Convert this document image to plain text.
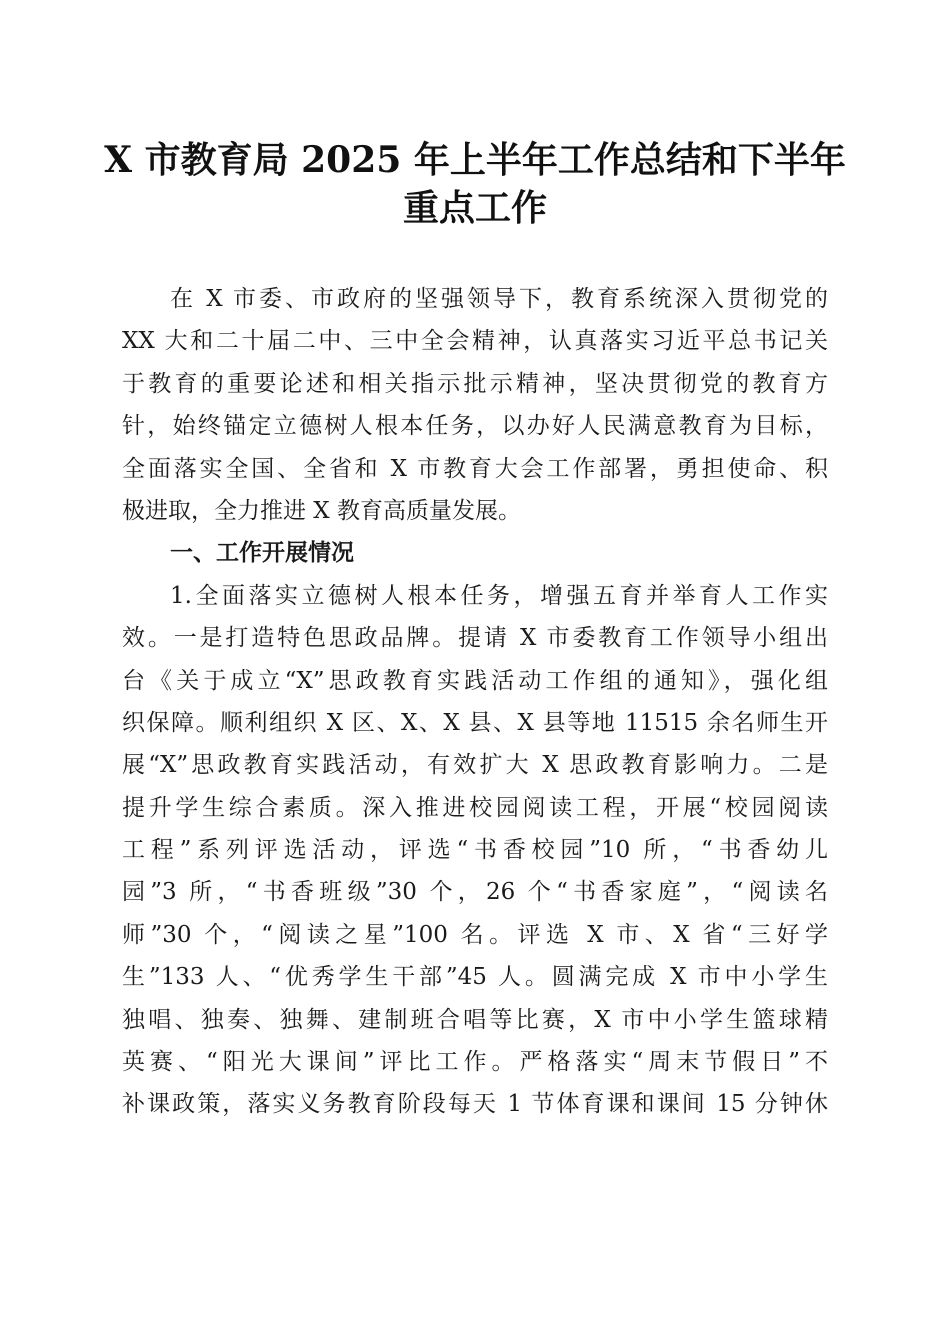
X 市教育局 2025 年上半年工作总结和下半年
重点工作
在 X 市委、市政府的坚强领导下，教育系统深入贯彻党的
XX 大和二十届二中、三中全会精神，认真落实习近平总书记关
于教育的重要论述和相关指示批示精神，坚决贯彻党的教育方
针，始终锚定立德树人根本任务，以办好人民满意教育为目标，
全面落实全国、全省和 X 市教育大会工作部署，勇担使命、积
极进取，全力推进 X 教育高质量发展。
一、工作开展情况
1.全面落实立德树人根本任务，增强五育并举育人工作实
效。一是打造特色思政品牌。提请 X 市委教育工作领导小组出
台《关于成立“X”思政教育实践活动工作组的通知》，强化组
织保障。顺利组织 X 区、X、X 县、X 县等地 11515 余名师生开
展“X”思政教育实践活动，有效扩大 X 思政教育影响力。二是
提升学生综合素质。深入推进校园阅读工程，开展“校园阅读
工程”系列评选活动，评选“书香校园”10 所，“书香幼儿
园”3 所，“书香班级”30 个，26 个“书香家庭”，“阅读名
师”30 个，“阅读之星”100 名。评选 X 市、X 省“三好学
生”133 人、“优秀学生干部”45 人。圆满完成 X 市中小学生
独唱、独奏、独舞、建制班合唱等比赛，X 市中小学生篮球精
英赛、“阳光大课间”评比工作。严格落实“周末节假日”不
补课政策，落实义务教育阶段每天 1 节体育课和课间 15 分钟休
